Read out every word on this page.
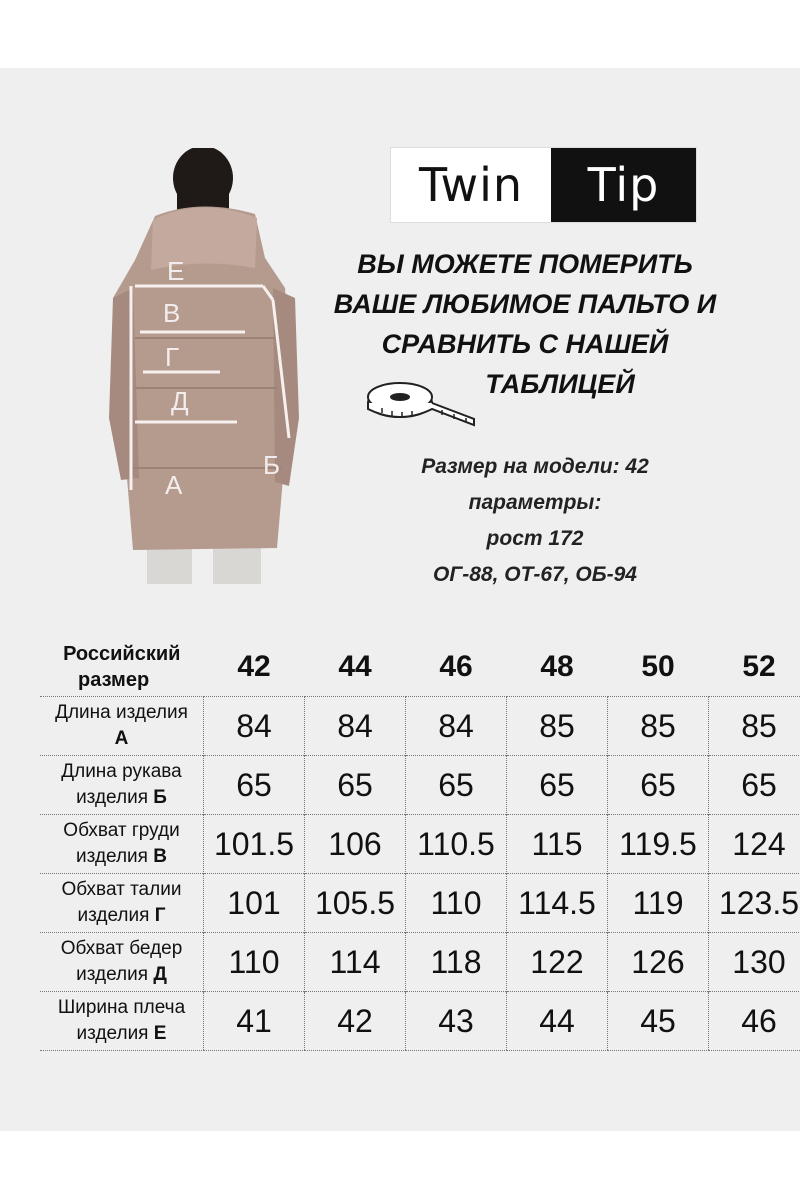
Е
В
Г
Д
А
Б
Twin	Tip
ВЫ МОЖЕТЕ ПОМЕРИТЬ
ВАШЕ ЛЮБИМОЕ ПАЛЬТО И
СРАВНИТЬ С НАШЕЙ
ТАБЛИЦЕЙ
Размер на модели: 42
параметры:
рост 172
ОГ-88, ОТ-67, ОБ-94
Российский
размер	42	44	46	48	50	52

Длина изделия
А	84	84	84	85	85	85

Длина рукава
изделия Б	65	65	65	65	65	65

Обхват груди
изделия В	101.5	106	110.5	115	119.5	124

Обхват талии
изделия Г	101	105.5	110	114.5	119	123.5

Обхват бедер
изделия Д	110	114	118	122	126	130

Ширина плеча
изделия Е	41	42	43	44	45	46
